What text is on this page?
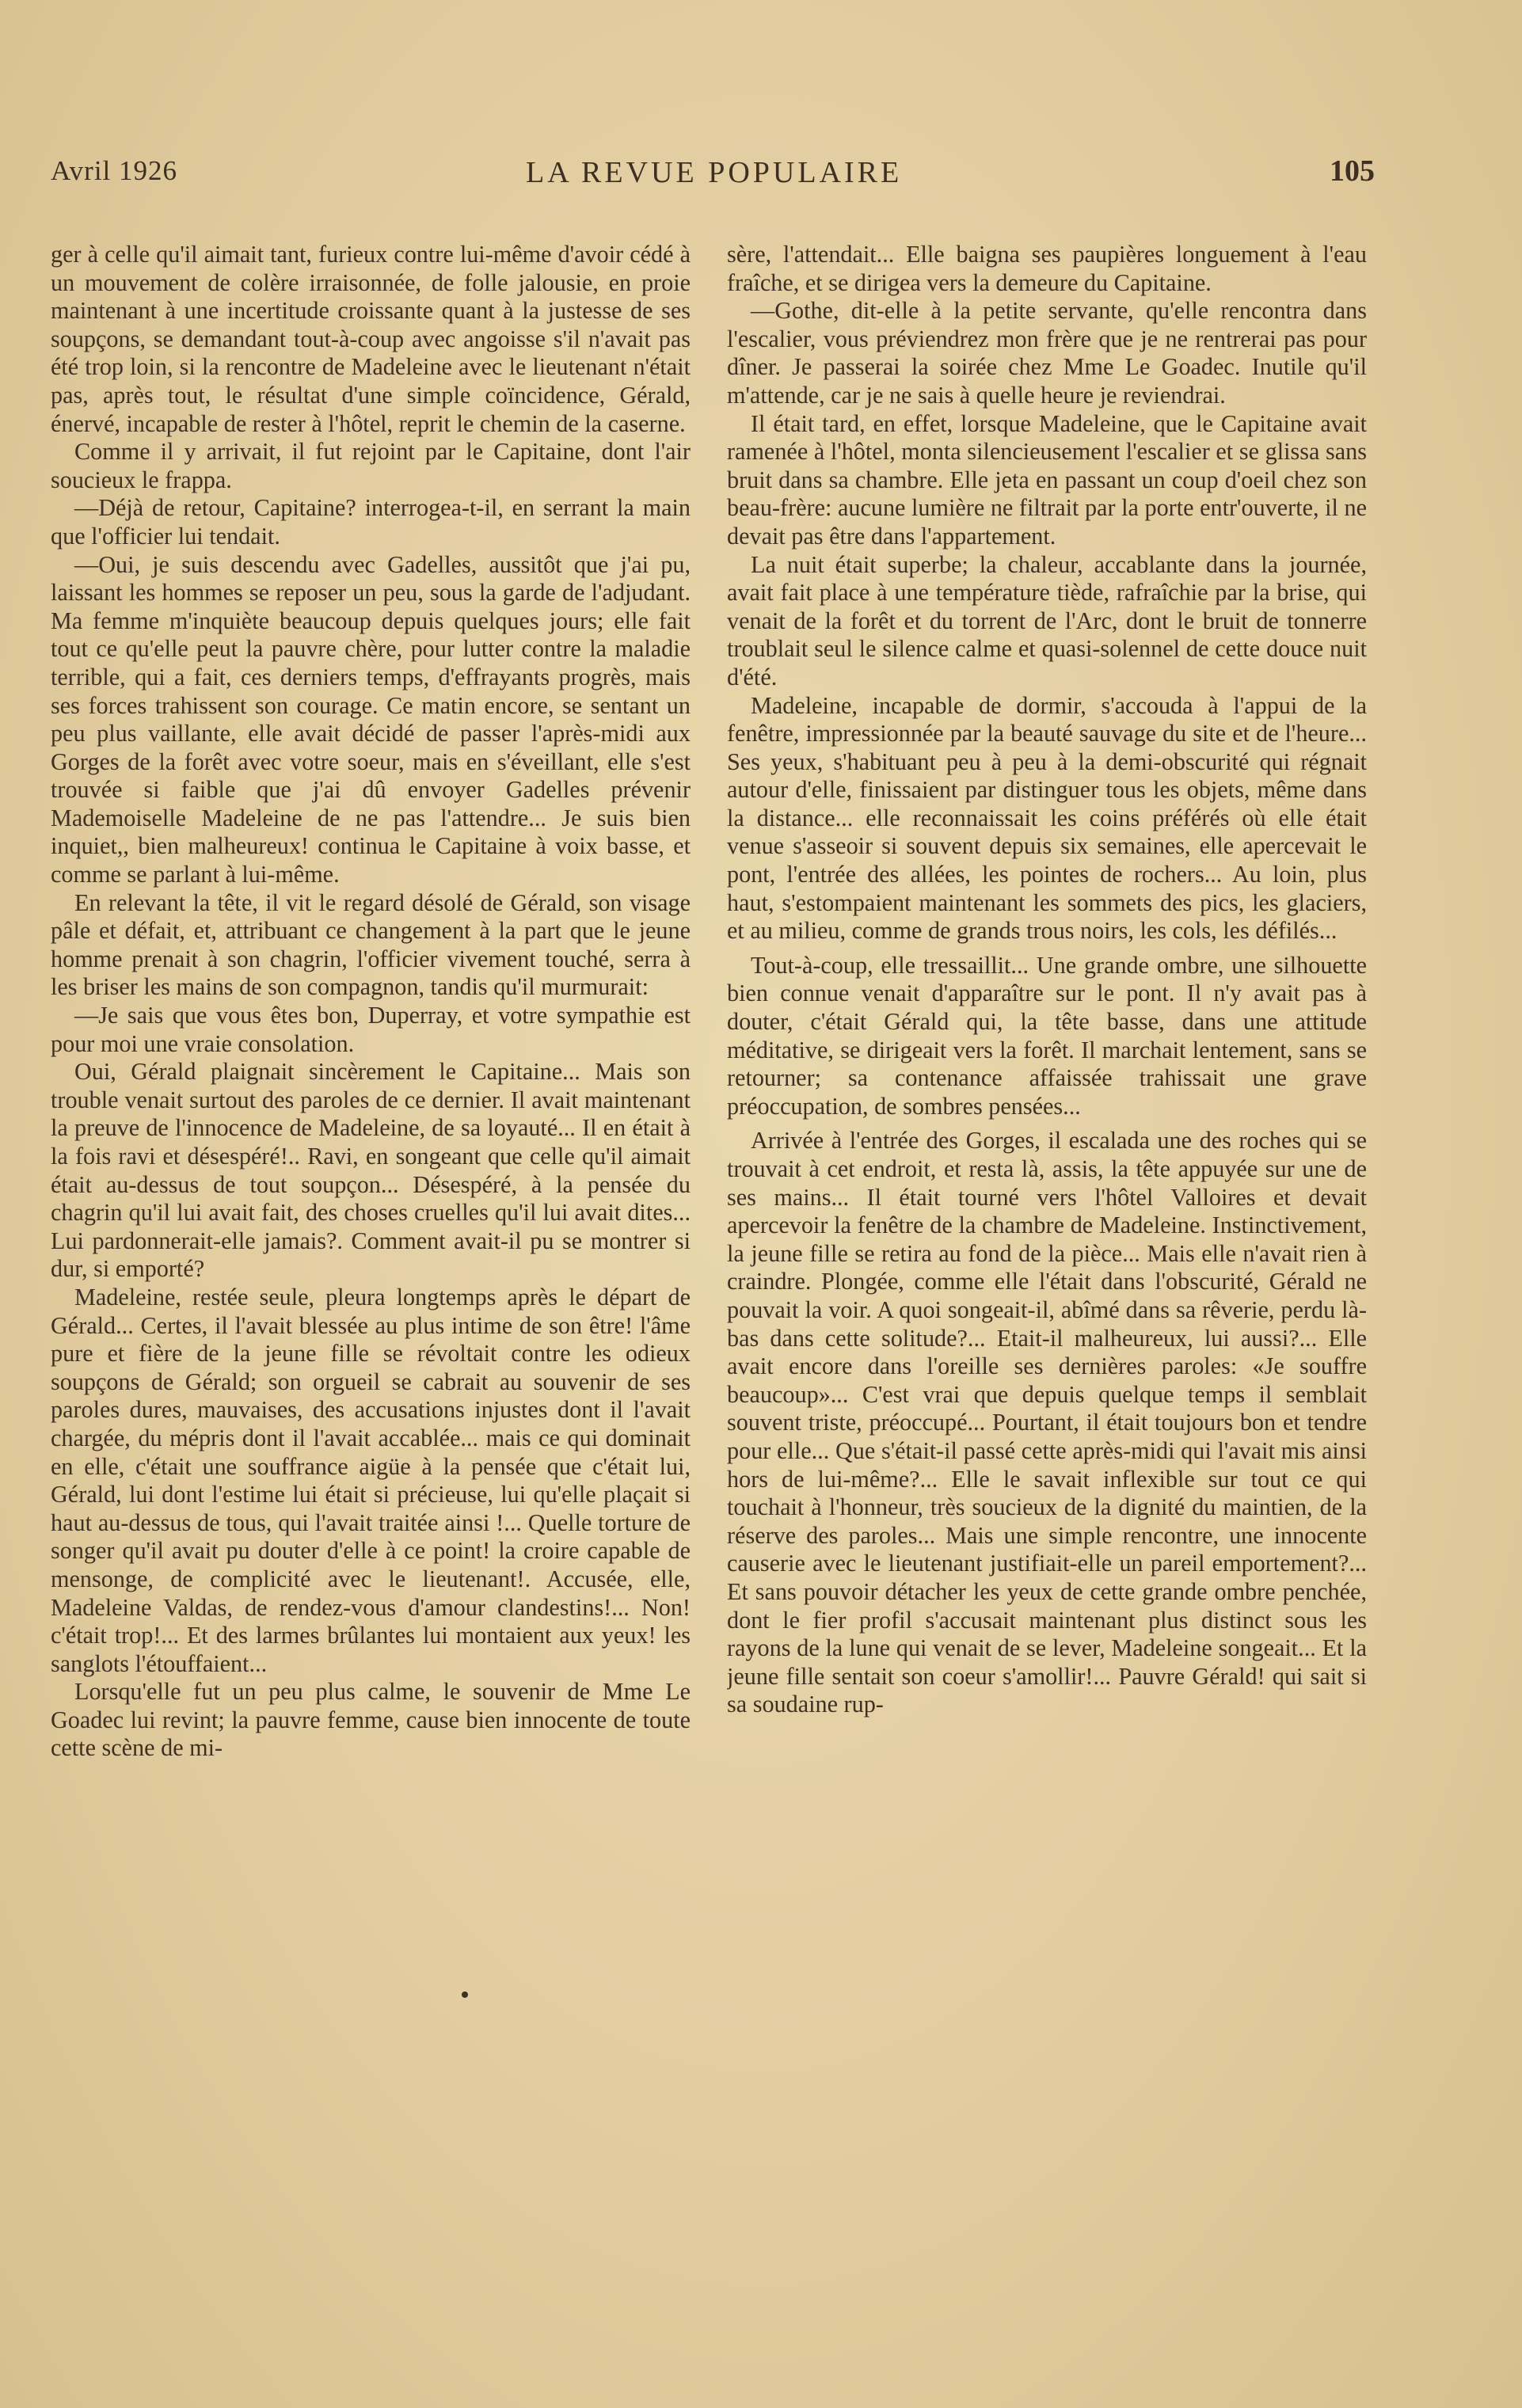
Avril 1926	LA REVUE POPULAIRE	105

ger à celle qu'il aimait tant, furieux contre lui-même d'avoir cédé à un mouvement de colère irraisonnée, de folle jalousie, en proie maintenant à une incertitude croissante quant à la justesse de ses soupçons, se demandant tout-à-coup avec angoisse s'il n'avait pas été trop loin, si la rencontre de Madeleine avec le lieutenant n'était pas, après tout, le résultat d'une simple coïncidence, Gérald, énervé, incapable de rester à l'hôtel, reprit le chemin de la caserne.

Comme il y arrivait, il fut rejoint par le Capitaine, dont l'air soucieux le frappa.

—Déjà de retour, Capitaine? interrogea-t-il, en serrant la main que l'officier lui tendait.

—Oui, je suis descendu avec Gadelles, aussitôt que j'ai pu, laissant les hommes se reposer un peu, sous la garde de l'adjudant. Ma femme m'inquiète beaucoup depuis quelques jours; elle fait tout ce qu'elle peut la pauvre chère, pour lutter contre la maladie terrible, qui a fait, ces derniers temps, d'effrayants progrès, mais ses forces trahissent son courage. Ce matin encore, se sentant un peu plus vaillante, elle avait décidé de passer l'après-midi aux Gorges de la forêt avec votre soeur, mais en s'éveillant, elle s'est trouvée si faible que j'ai dû envoyer Gadelles prévenir Mademoiselle Madeleine de ne pas l'attendre... Je suis bien inquiet,, bien malheureux! continua le Capitaine à voix basse, et comme se parlant à lui-même.

En relevant la tête, il vit le regard désolé de Gérald, son visage pâle et défait, et, attribuant ce changement à la part que le jeune homme prenait à son chagrin, l'officier vivement touché, serra à les briser les mains de son compagnon, tandis qu'il murmurait:

—Je sais que vous êtes bon, Duperray, et votre sympathie est pour moi une vraie consolation.

Oui, Gérald plaignait sincèrement le Capitaine... Mais son trouble venait surtout des paroles de ce dernier. Il avait maintenant la preuve de l'innocence de Madeleine, de sa loyauté... Il en était à la fois ravi et désespéré!.. Ravi, en songeant que celle qu'il aimait était au-dessus de tout soupçon... Désespéré, à la pensée du chagrin qu'il lui avait fait, des choses cruelles qu'il lui avait dites... Lui pardonnerait-elle jamais?. Comment avait-il pu se montrer si dur, si emporté?

Madeleine, restée seule, pleura longtemps après le départ de Gérald... Certes, il l'avait blessée au plus intime de son être! l'âme pure et fière de la jeune fille se révoltait contre les odieux soupçons de Gérald; son orgueil se cabrait au souvenir de ses paroles dures, mauvaises, des accusations injustes dont il l'avait chargée, du mépris dont il l'avait accablée... mais ce qui dominait en elle, c'était une souffrance aigüe à la pensée que c'était lui, Gérald, lui dont l'estime lui était si précieuse, lui qu'elle plaçait si haut au-dessus de tous, qui l'avait traitée ainsi !... Quelle torture de songer qu'il avait pu douter d'elle à ce point! la croire capable de mensonge, de complicité avec le lieutenant!. Accusée, elle, Madeleine Valdas, de rendez-vous d'amour clandestins!... Non! c'était trop!... Et des larmes brûlantes lui montaient aux yeux! les sanglots l'étouffaient...

Lorsqu'elle fut un peu plus calme, le souvenir de Mme Le Goadec lui revint; la pauvre femme, cause bien innocente de toute cette scène de mi-

sère, l'attendait... Elle baigna ses paupières longuement à l'eau fraîche, et se dirigea vers la demeure du Capitaine.

—Gothe, dit-elle à la petite servante, qu'elle rencontra dans l'escalier, vous préviendrez mon frère que je ne rentrerai pas pour dîner. Je passerai la soirée chez Mme Le Goadec. Inutile qu'il m'attende, car je ne sais à quelle heure je reviendrai.

Il était tard, en effet, lorsque Madeleine, que le Capitaine avait ramenée à l'hôtel, monta silencieusement l'escalier et se glissa sans bruit dans sa chambre. Elle jeta en passant un coup d'oeil chez son beau-frère: aucune lumière ne filtrait par la porte entr'ouverte, il ne devait pas être dans l'appartement.

La nuit était superbe; la chaleur, accablante dans la journée, avait fait place à une température tiède, rafraîchie par la brise, qui venait de la forêt et du torrent de l'Arc, dont le bruit de tonnerre troublait seul le silence calme et quasi-solennel de cette douce nuit d'été.

Madeleine, incapable de dormir, s'accouda à l'appui de la fenêtre, impressionnée par la beauté sauvage du site et de l'heure... Ses yeux, s'habituant peu à peu à la demi-obscurité qui régnait autour d'elle, finissaient par distinguer tous les objets, même dans la distance... elle reconnaissait les coins préférés où elle était venue s'asseoir si souvent depuis six semaines, elle apercevait le pont, l'entrée des allées, les pointes de rochers... Au loin, plus haut, s'estompaient maintenant les sommets des pics, les glaciers, et au milieu, comme de grands trous noirs, les cols, les défilés...

Tout-à-coup, elle tressaillit... Une grande ombre, une silhouette bien connue venait d'apparaître sur le pont. Il n'y avait pas à douter, c'était Gérald qui, la tête basse, dans une attitude méditative, se dirigeait vers la forêt. Il marchait lentement, sans se retourner; sa contenance affaissée trahissait une grave préoccupation, de sombres pensées...

Arrivée à l'entrée des Gorges, il escalada une des roches qui se trouvait à cet endroit, et resta là, assis, la tête appuyée sur une de ses mains... Il était tourné vers l'hôtel Valloires et devait apercevoir la fenêtre de la chambre de Madeleine. Instinctivement, la jeune fille se retira au fond de la pièce... Mais elle n'avait rien à craindre. Plongée, comme elle l'était dans l'obscurité, Gérald ne pouvait la voir. A quoi songeait-il, abîmé dans sa rêverie, perdu là-bas dans cette solitude?... Etait-il malheureux, lui aussi?... Elle avait encore dans l'oreille ses dernières paroles: «Je souffre beaucoup»... C'est vrai que depuis quelque temps il semblait souvent triste, préoccupé... Pourtant, il était toujours bon et tendre pour elle... Que s'était-il passé cette après-midi qui l'avait mis ainsi hors de lui-même?... Elle le savait inflexible sur tout ce qui touchait à l'honneur, très soucieux de la dignité du maintien, de la réserve des paroles... Mais une simple rencontre, une innocente causerie avec le lieutenant justifiait-elle un pareil emportement?... Et sans pouvoir détacher les yeux de cette grande ombre penchée, dont le fier profil s'accusait maintenant plus distinct sous les rayons de la lune qui venait de se lever, Madeleine songeait... Et la jeune fille sentait son coeur s'amollir!... Pauvre Gérald! qui sait si sa soudaine rup-
